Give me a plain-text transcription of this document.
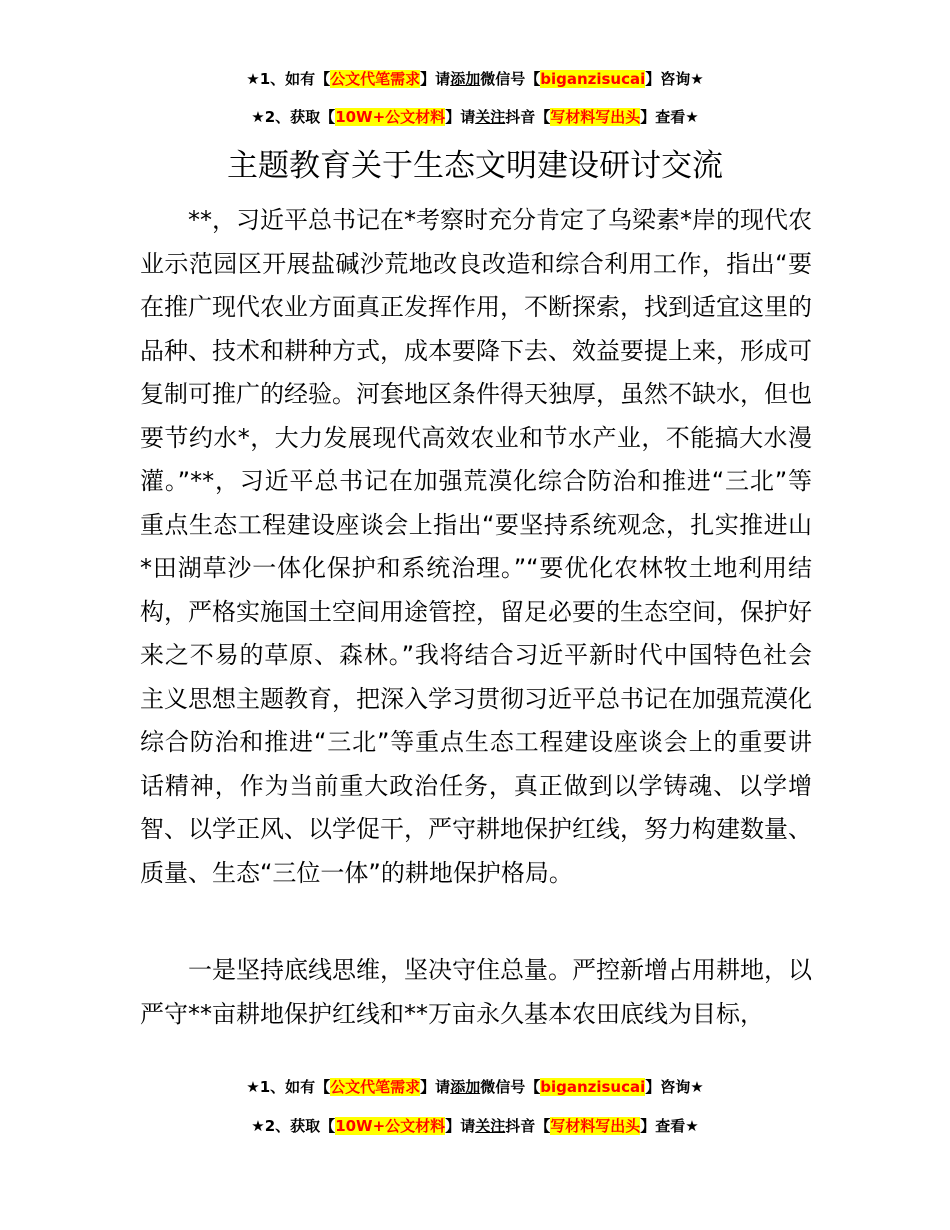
★1、如有【公文代笔需求】请添加微信号【biganzisucai】咨询★
★2、获取【10W+公文材料】请关注抖音【写材料写出头】查看★
主题教育关于生态文明建设研讨交流

**，习近平总书记在*考察时充分肯定了乌梁素*岸的现代农业示范园区开展盐碱沙荒地改良改造和综合利用工作，指出“要在推广现代农业方面真正发挥作用，不断探索，找到适宜这里的品种、技术和耕种方式，成本要降下去、效益要提上来，形成可复制可推广的经验。河套地区条件得天独厚，虽然不缺水，但也要节约水*，大力发展现代高效农业和节水产业，不能搞大水漫灌。”**，习近平总书记在加强荒漠化综合防治和推进“三北”等重点生态工程建设座谈会上指出“要坚持系统观念，扎实推进山*田湖草沙一体化保护和系统治理。”“要优化农林牧土地利用结构，严格实施国土空间用途管控，留足必要的生态空间，保护好来之不易的草原、森林。”我将结合习近平新时代中国特色社会主义思想主题教育，把深入学习贯彻习近平总书记在加强荒漠化综合防治和推进“三北”等重点生态工程建设座谈会上的重要讲话精神，作为当前重大政治任务，真正做到以学铸魂、以学增智、以学正风、以学促干，严守耕地保护红线，努力构建数量、质量、生态“三位一体”的耕地保护格局。

一是坚持底线思维，坚决守住总量。严控新增占用耕地，以严守**亩耕地保护红线和**万亩永久基本农田底线为目标，

★1、如有【公文代笔需求】请添加微信号【biganzisucai】咨询★
★2、获取【10W+公文材料】请关注抖音【写材料写出头】查看★
